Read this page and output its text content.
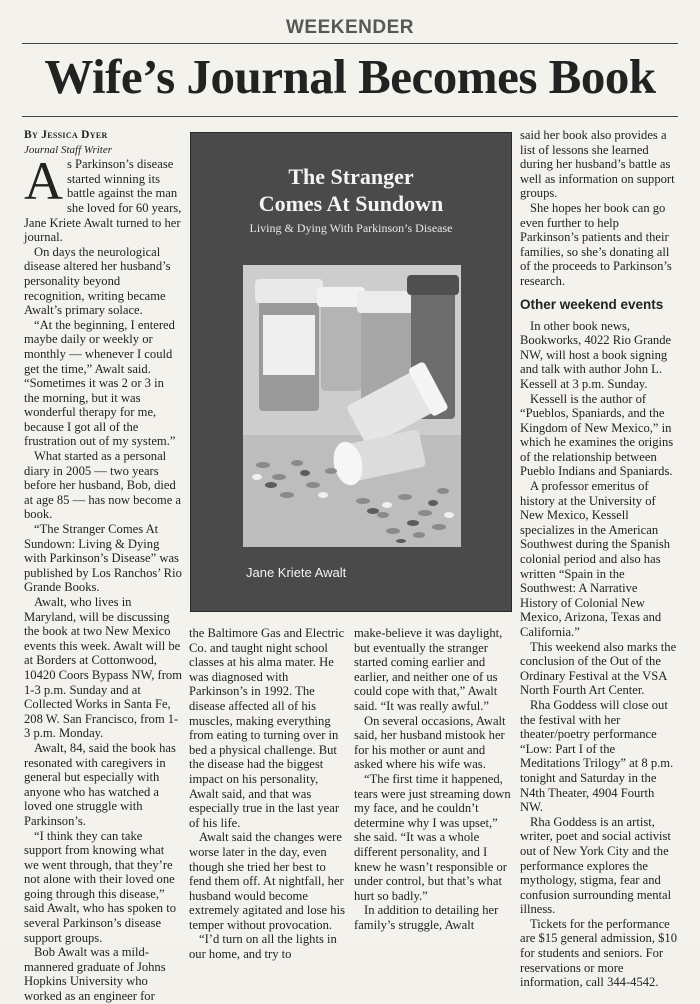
WEEKENDER
Wife’s Journal Becomes Book

By Jessica Dyer

Journal Staff Writer

As Parkinson’s disease started winning its battle against the man she loved for 60 years, Jane Kriete Awalt turned to her journal.

On days the neurological disease altered her husband’s personality beyond recognition, writing became Awalt’s primary solace.

“At the beginning, I entered maybe daily or weekly or monthly — whenever I could get the time,” Awalt said. “Sometimes it was 2 or 3 in the morning, but it was wonderful therapy for me, because I got all of the frustration out of my system.”

What started as a personal diary in 2005 — two years before her husband, Bob, died at age 85 — has now become a book.

“The Stranger Comes At Sundown: Living & Dying with Parkinson’s Disease” was published by Los Ranchos’ Rio Grande Books.

Awalt, who lives in Maryland, will be discussing the book at two New Mexico events this week. Awalt will be at Borders at Cottonwood, 10420 Coors Bypass NW, from 1-3 p.m. Sunday and at Collected Works in Santa Fe, 208 W. San Francisco, from 1-3 p.m. Monday.

Awalt, 84, said the book has resonated with caregivers in general but especially with anyone who has watched a loved one struggle with Parkinson’s.

“I think they can take support from knowing what we went through, that they’re not alone with their loved one going through this disease,” said Awalt, who has spoken to several Parkinson’s disease support groups.

Bob Awalt was a mild-mannered graduate of Johns Hopkins University who worked as an engineer for

The Stranger
Comes At Sundown
Living & Dying With Parkinson’s Disease
Jane Kriete Awalt

the Baltimore Gas and Electric Co. and taught night school classes at his alma mater. He was diagnosed with Parkinson’s in 1992. The disease affected all of his muscles, making everything from eating to turning over in bed a physical challenge. But the disease had the biggest impact on his personality, Awalt said, and that was especially true in the last year of his life.

Awalt said the changes were worse later in the day, even though she tried her best to fend them off. At nightfall, her husband would become extremely agitated and lose his temper without provocation.

“I’d turn on all the lights in our home, and try to

make-believe it was daylight, but eventually the stranger started coming earlier and earlier, and neither one of us could cope with that,” Awalt said. “It was really awful.”

On several occasions, Awalt said, her husband mistook her for his mother or aunt and asked where his wife was.

“The first time it happened, tears were just streaming down my face, and he couldn’t determine why I was upset,” she said. “It was a whole different personality, and I knew he wasn’t responsible or under control, but that’s what hurt so badly.”

In addition to detailing her family’s struggle, Awalt

said her book also provides a list of lessons she learned during her husband’s battle as well as information on support groups.

She hopes her book can go even further to help Parkinson’s patients and their families, so she’s donating all of the proceeds to Parkinson’s research.

Other weekend events

In other book news, Bookworks, 4022 Rio Grande NW, will host a book signing and talk with author John L. Kessell at 3 p.m. Sunday.

Kessell is the author of “Pueblos, Spaniards, and the Kingdom of New Mexico,” in which he examines the origins of the relationship between Pueblo Indians and Spaniards.

A professor emeritus of history at the University of New Mexico, Kessell specializes in the American Southwest during the Spanish colonial period and also has written “Spain in the Southwest: A Narrative History of Colonial New Mexico, Arizona, Texas and California.”

This weekend also marks the conclusion of the Out of the Ordinary Festival at the VSA North Fourth Art Center.

Rha Goddess will close out the festival with her theater/poetry performance “Low: Part I of the Meditations Trilogy” at 8 p.m. tonight and Saturday in the N4th Theater, 4904 Fourth NW.

Rha Goddess is an artist, writer, poet and social activist out of New York City and the performance explores the mythology, stigma, fear and confusion surrounding mental illness.

Tickets for the performance are $15 general admission, $10 for students and seniors. For reservations or more information, call 344-4542.
